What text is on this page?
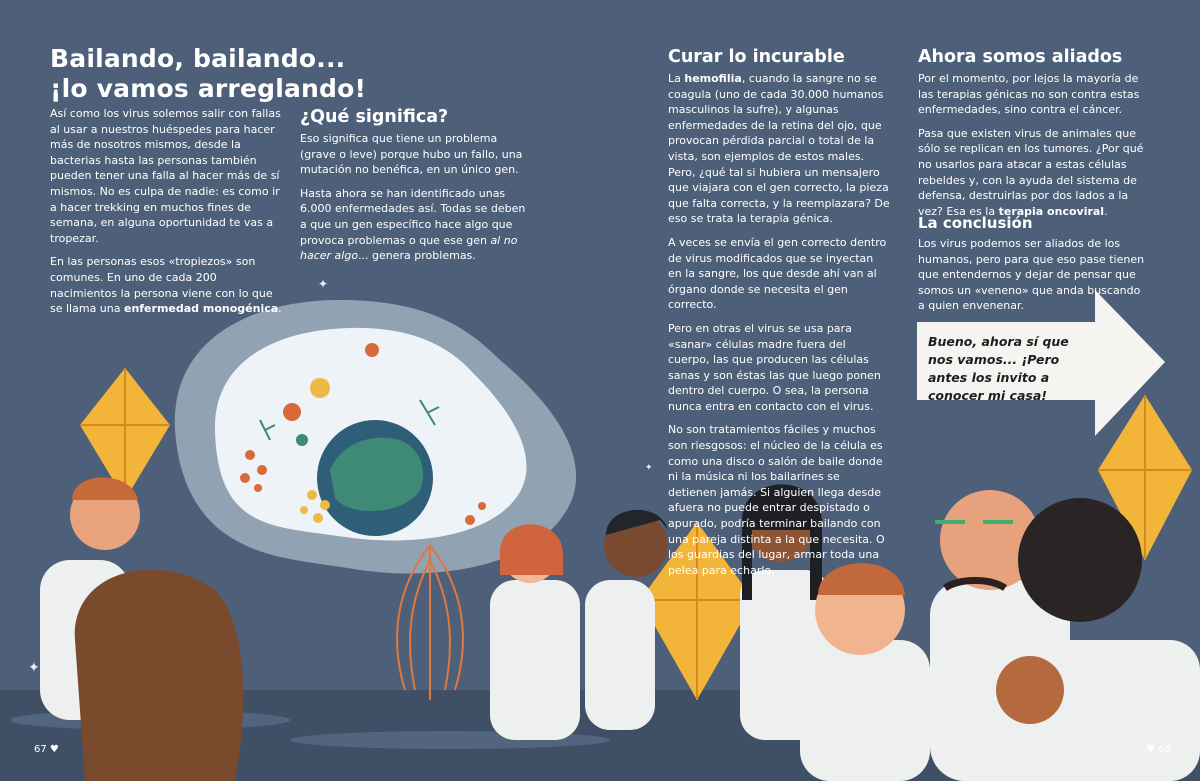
✦
✦
✦
Bailando, bailando...
¡lo vamos arreglando!

Así como los virus solemos salir con fallas al usar a nuestros huéspedes para hacer más de nosotros mismos, desde la bacterias hasta las personas también pueden tener una falla al hacer más de sí mismos. No es culpa de nadie: es como ir a hacer trekking en muchos fines de semana, en alguna oportunidad te vas a tropezar.

En las personas esos «tropiezos» son comunes. En uno de cada 200 nacimientos la persona viene con lo que se llama una enfermedad monogénica.

¿Qué significa?

Eso significa que tiene un problema (grave o leve) porque hubo un fallo, una mutación no benéfica, en un único gen.

Hasta ahora se han identificado unas 6.000 enfermedades así. Todas se deben a que un gen específico hace algo que provoca problemas o que ese gen al no hacer algo... genera problemas.

Curar lo incurable

La hemofilia, cuando la sangre no se coagula (uno de cada 30.000 humanos masculinos la sufre), y algunas enfermedades de la retina del ojo, que provocan pérdida parcial o total de la vista, son ejemplos de estos males. Pero, ¿qué tal si hubiera un mensajero que viajara con el gen correcto, la pieza que falta correcta, y la reemplazara? De eso se trata la terapia génica.

A veces se envía el gen correcto dentro de virus modificados que se inyectan en la sangre, los que desde ahí van al órgano donde se necesita el gen correcto.

Pero en otras el virus se usa para «sanar» células madre fuera del cuerpo, las que producen las células sanas y son éstas las que luego ponen dentro del cuerpo. O sea, la persona nunca entra en contacto con el virus.

No son tratamientos fáciles y muchos son riesgosos: el núcleo de la célula es como una disco o salón de baile donde ni la música ni los bailarines se detienen jamás. Si alguien llega desde afuera no puede entrar despistado o apurado, podría terminar bailando con una pareja distinta a la que necesita. O los guardias del lugar, armar toda una pelea para echarlo.

Ahora somos aliados

Por el momento, por lejos la mayoría de las terapias génicas no son contra estas enfermedades, sino contra el cáncer.

Pasa que existen virus de animales que sólo se replican en los tumores. ¿Por qué no usarlos para atacar a estas células rebeldes y, con la ayuda del sistema de defensa, destruirlas por dos lados a la vez? Esa es la terapia oncoviral.

La conclusión

Los virus podemos ser aliados de los humanos, pero para que eso pase tienen que entendernos y dejar de pensar que somos un «veneno» que anda buscando a quien envenenar.

Bueno, ahora sí que nos vamos... ¡Pero antes los invito a conocer mi casa!
67 ♥	♥ 68
